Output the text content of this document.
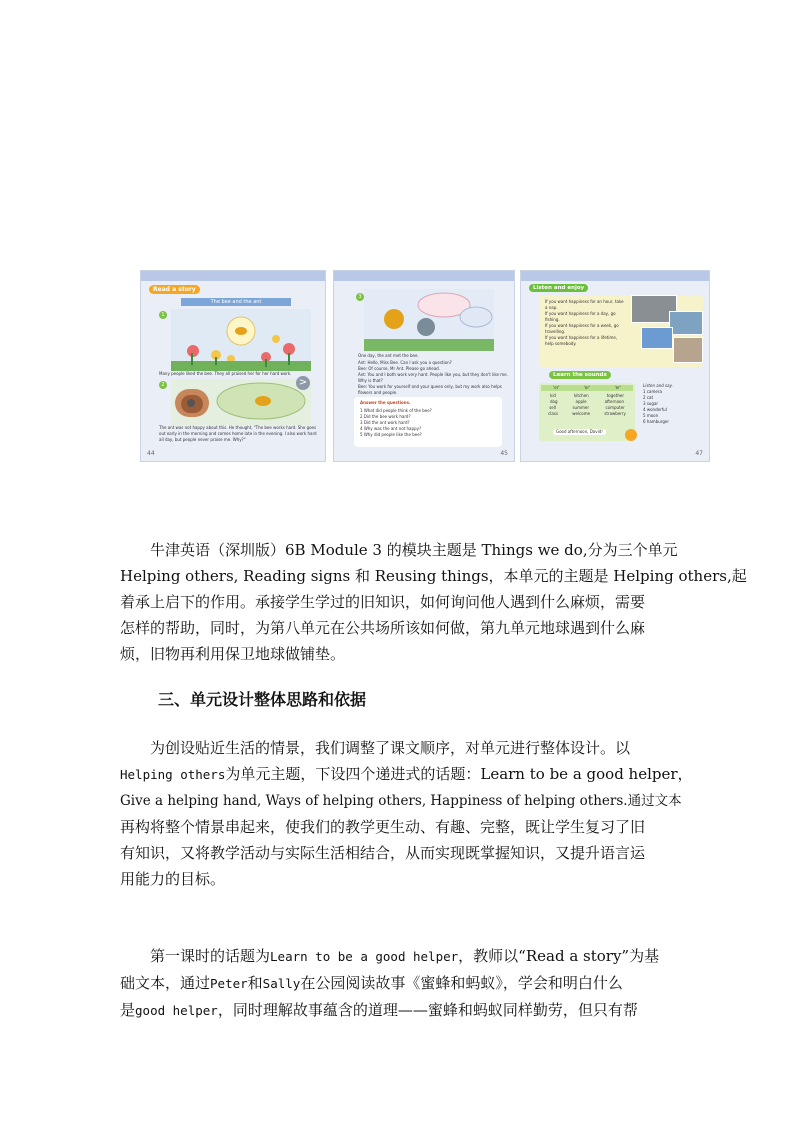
Read a story
The bee and the ant
1
Many people liked the bee. They all praised her for her hard work.
2
The ant was not happy about this. He thought, "The bee works hard. She goes out early in the morning and comes home late in the evening. I also work hard all day, but people never praise me. Why?"
44
>
3
One day, the ant met the bee.
Ant: Hello, Miss Bee. Can I ask you a question?
Bee: Of course, Mr Ant. Please go ahead.
Ant: You and I both work very hard. People like you, but they don't like me. Why is that?
Bee: You work for yourself and your queen only, but my work also helps flowers and people.
Answer the questions.
1 What did people think of the bee?
2 Did the bee work hard?
3 Did the ant work hard?
4 Why was the ant not happy?
5 Why did people like the bee?
45
Listen and enjoy
If you want happiness for an hour, take a nap.
If you want happiness for a day, go fishing.
If you want happiness for a week, go travelling.
If you want happiness for a lifetime, help somebody.
Learn the sounds
'er'	'er'	'er'
kid	kitchen	together
dog	apple	afternoon
sell	summer	computer
class	welcome	strawberry
Good afternoon, David!
Listen and say.
1 camera
2 cat
3 sugar
4 wonderful
5 moon
6 hamburger
47
牛津英语（深圳版）6B Module 3 的模块主题是 Things we do,分为三个单元
Helping others, Reading signs 和 Reusing things，本单元的主题是 Helping others,起
着承上启下的作用。承接学生学过的旧知识，如何询问他人遇到什么麻烦，需要
怎样的帮助，同时，为第八单元在公共场所该如何做，第九单元地球遇到什么麻
烦，旧物再利用保卫地球做铺垫。
三、单元设计整体思路和依据
为创设贴近生活的情景，我们调整了课文顺序，对单元进行整体设计。以
Helping others为单元主题，下设四个递进式的话题：Learn to be a good helper，
Give a helping hand, Ways of helping others, Happiness of helping others.通过文本
再构将整个情景串起来，使我们的教学更生动、有趣、完整，既让学生复习了旧
有知识，又将教学活动与实际生活相结合，从而实现既掌握知识，又提升语言运
用能力的目标。
第一课时的话题为Learn to be a good helper，教师以“Read a story”为基
础文本，通过Peter和Sally在公园阅读故事《蜜蜂和蚂蚁》，学会和明白什么
是good helper，同时理解故事蕴含的道理——蜜蜂和蚂蚁同样勤劳，但只有帮
